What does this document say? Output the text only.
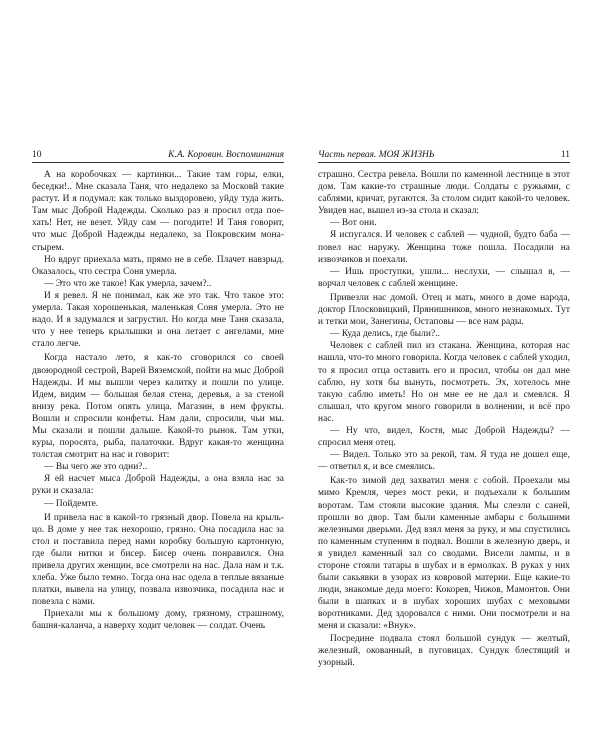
10	К.А. Коровин. Воспоминания

А на коробочках — картинки... Такие там горы, елки, беседки!.. Мне сказала Таня, что недалеко за Московй такие растут. И я подумал: как только выздоровею, уйду туда жить. Там мыс Доброй Надежды. Сколько раз я просил отда пое-хать! Нет, не везет. Уйду сам — погодите! И Таня говорит, что мыс Доброй Надежды недалеко, за Покровским мона-стырем.

Но вдруг приехала мать, прямо не в себе. Плачет навзрыд. Оказалось, что сестра Соня умерла.

— Это что же такое! Как умерла, зачем?..

И я ревел. Я не понимал, как же это так. Что такое это: умерла. Такая хорошенькая, маленькая Соня умерла. Это не надо. И я задумался и загрустил. Но когда мне Таня сказала, что у нее теперь крылышки и она летает с ангелами, мне стало легче.

Когда настало лето, я как-то сговорился со своей двоюродной сестрой, Варей Вяземской, пойти на мыс Доброй Надежды. И мы вышли через калитку и пошли по улице. Идем, видим — большая белая стена, деревья, а за стеной внизу река. Потом опять улица. Магазин, в нем фрукты. Вошли и спросили конфеты. Нам дали, спросили, чьи мы. Мы сказали и пошли дальше. Какой-то рынок. Там утки, куры, поросята, рыба, палаточки. Вдруг какая-то женщина толстая смотрит на нас и говорит:

— Вы чего же это одни?..

Я ей насчет мыса Доброй Надежды, а она взяла нас за руки и сказала:

— Пойдемте.

И привела нас в какой-то грязный двор. Повела на крыль-цо. В доме у нее так нехорошо, грязно. Она посадила нас за стол и поставила перед нами коробку большую картонную, где были нитки и бисер. Бисер очень понравился. Она привела других женщин, все смотрели на нас. Дала нам и т.к. хлеба. Уже было темно. Тогда она нас одела в теплые вязаные платки, вывела на улицу, позвала извозчика, посадила нас и повезла с нами.

Приехали мы к большому дому, грязному, страшному, башня-каланча, а наверху ходит человек — солдат. Очень

Часть первая. МОЯ ЖИЗНЬ	11

страшно. Сестра ревела. Вошли по каменной лестнице в этот дом. Там какие-то страшные люди. Солдаты с ружьями, с саблями, кричат, ругаются. За столом сидит какой-то человек. Увидев нас, вышел из-за стола и сказал:

— Вот они.

Я испугался. И человек с саблей — чудной, будто баба — повел нас наружу. Женщина тоже пошла. Посадили на извозчиков и поехали.

— Ишь проступки, ушли... неслухи, — слышал я, — ворчал человек с саблей женщине.

Привезли нас домой. Отец и мать, много в доме народа, доктор Плосковицкий, Прянишников, много незнакомых. Тут и тетки мои, Занегины, Остаповы — все нам рады.

— Куда делись, где были?..

Человек с саблей пил из стакана. Женщина, которая нас нашла, что-то много говорила. Когда человек с саблей уходил, то я просил отца оставить его и просил, чтобы он дал мне саблю, ну хотя бы вынуть, посмотреть. Эх, хотелось мне такую саблю иметь! Но он мне ее не дал и смеялся. Я слышал, что кругом много говорили в волнении, и всё про нас.

— Ну что, видел, Костя, мыс Доброй Надежды? — спросил меня отец.

— Видел. Только это за рекой, там. Я туда не дошел еще, — ответил я, и все смеялись.

Как-то зимой дед захватил меня с собой. Проехали мы мимо Кремля, через мост реки, и подъехали к большим воротам. Там стояли высокие здания. Мы слезли с саней, прошли во двор. Там были каменные амбары с большими железными дверьми. Дед взял меня за руку, и мы спустились по каменным ступеням в подвал. Вошли в железную дверь, и я увидел каменный зал со сводами. Висели лампы, и в стороне стояли татары в шубах и в ермолках. В руках у них были сакьявки в узорах из ковровой материи. Еще какие-то люди, знакомые деда моего: Кокорев, Чижов, Мамонтов. Они были в шапках и в шубах хороших шубах с меховыми воротниками. Дед здоровался с ними. Они посмотрели и на меня и сказали: «Внук».

Посредине подвала стоял большой сундук — желтый, железный, окованный, в пуговицах. Сундук блестящий и узорный.
